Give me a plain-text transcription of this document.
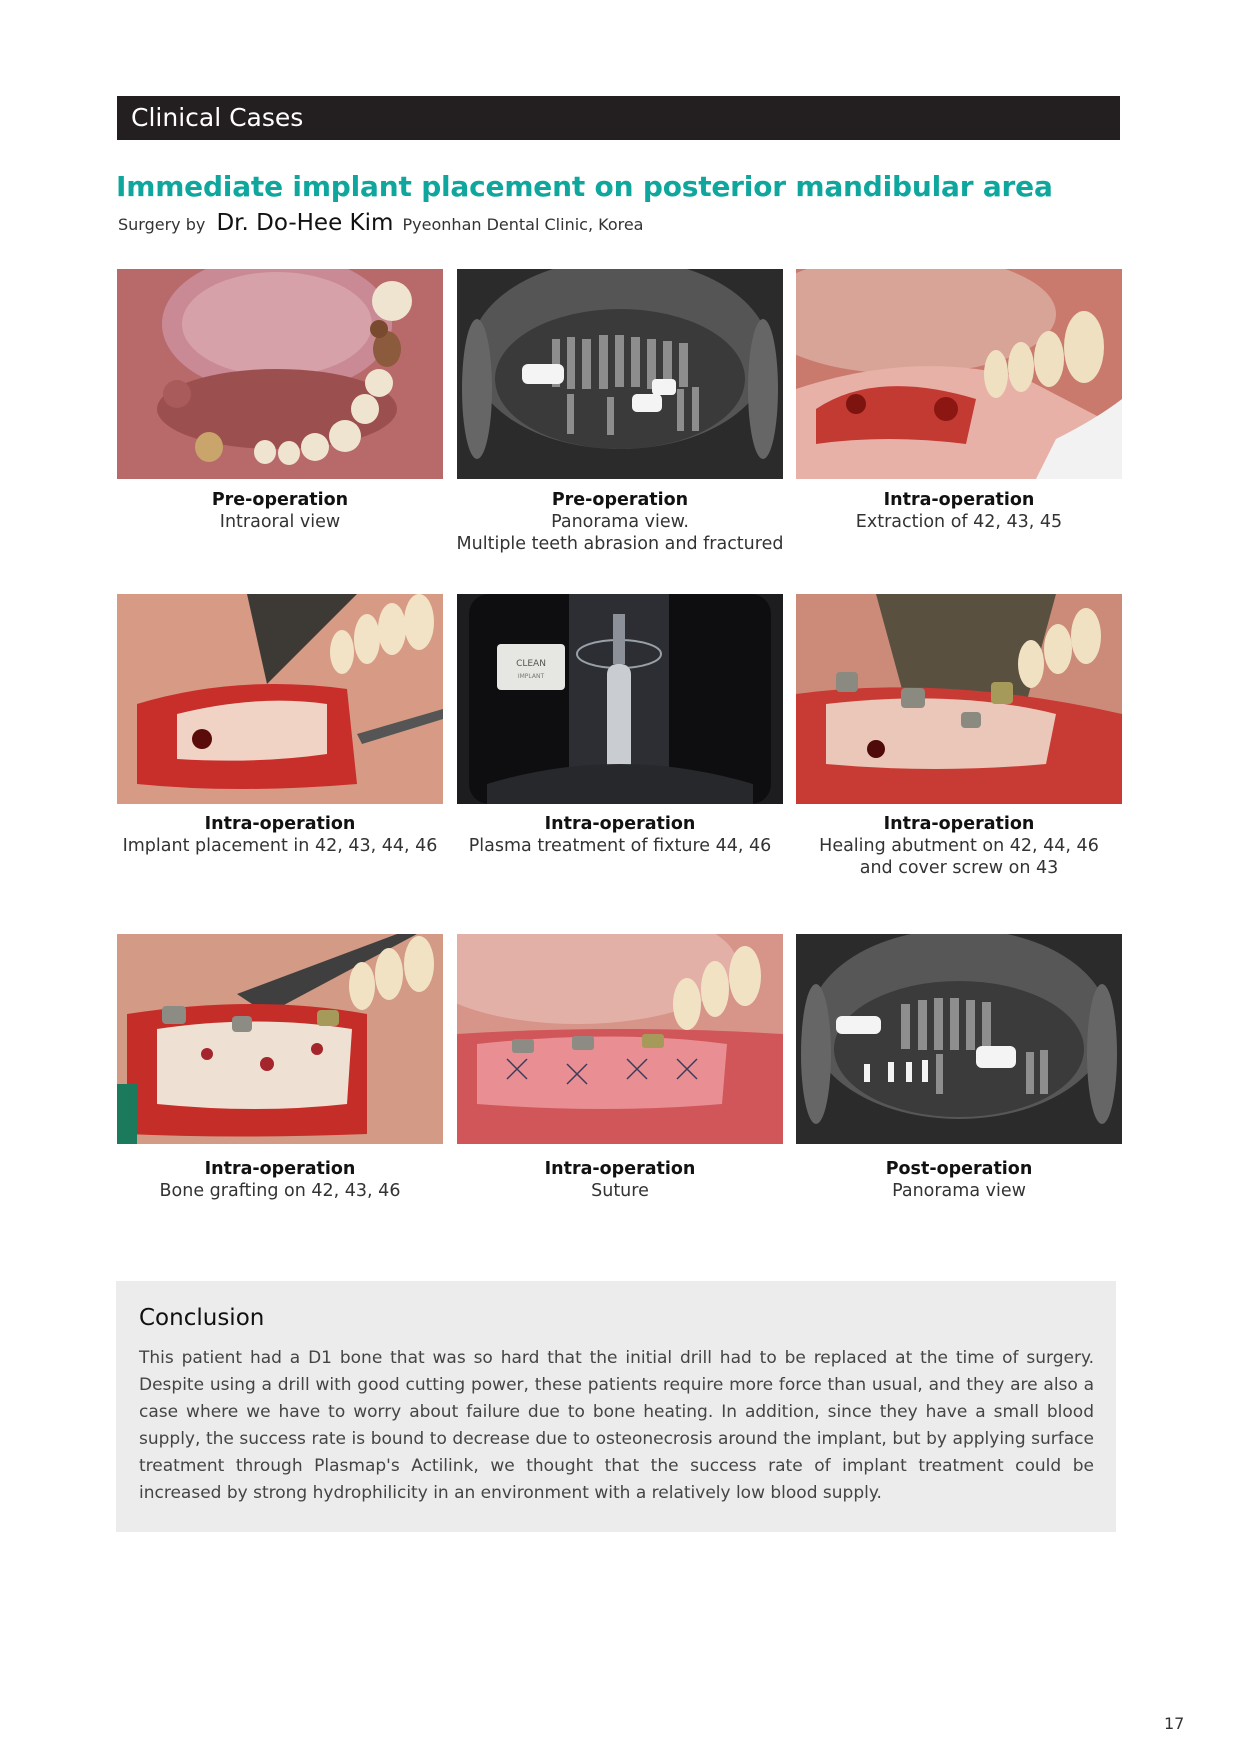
Clinical Cases
Immediate implant placement on posterior mandibular area
Surgery by Dr. Do-Hee Kim Pyeonhan Dental Clinic, Korea
Pre-operation
Intraoral view
Pre-operation
Panorama view.
Multiple teeth abrasion and fractured
Intra-operation
Extraction of 42, 43, 45
Intra-operation
Implant placement in 42, 43, 44, 46
CLEAN
IMPLANT
Intra-operation
Plasma treatment of fixture 44, 46
Intra-operation
Healing abutment on 42, 44, 46
and cover screw on 43
Intra-operation
Bone grafting on 42, 43, 46
Intra-operation
Suture
Post-operation
Panorama view
Conclusion

This patient had a D1 bone that was so hard that the initial drill had to be replaced at the time of surgery. Despite using a drill with good cutting power, these patients require more force than usual, and they are also a case where we have to worry about failure due to bone heating. In addition, since they have a small blood supply, the success rate is bound to decrease due to osteonecrosis around the implant, but by applying surface treatment through Plasmap's Actilink, we thought that the success rate of implant treatment could be increased by strong hydrophilicity in an environment with a relatively low blood supply.

17
